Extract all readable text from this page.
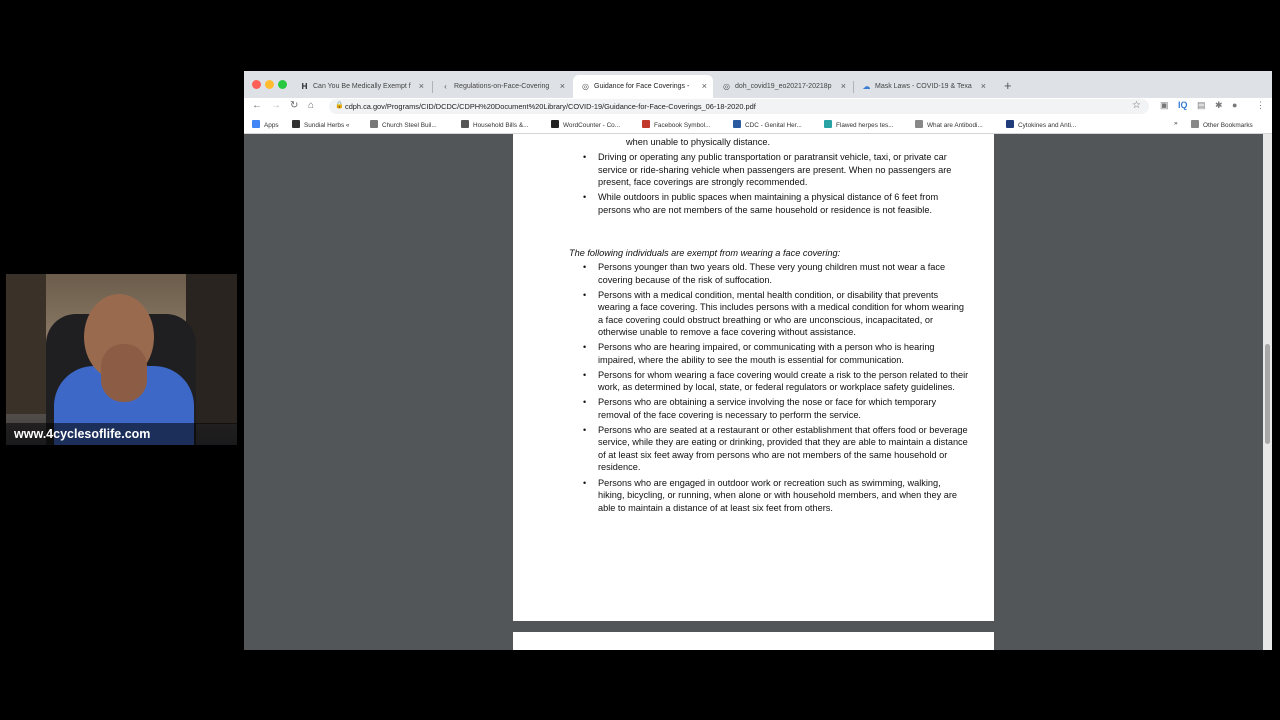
H Can You Be Medically Exempt f ×	‹	Regulations-on-Face-Covering	× ◎ Guidance for Face Coverings -	× ◎ doh_covid19_eo20217-20218p	× ☁ Mask Laws - COVID-19 & Texa × +
← → ↻ ⌂	🔒 cdph.ca.gov/Programs/CID/DCDC/CDPH%20Document%20Library/COVID-19/Guidance-for-Face-Coverings_06-18-2020.pdf	☆ ▣ IQ ▤ ✱ ● ⋮
Apps	Sundial Herbs «	Church Steel Buil...	Household Bills &...	WordCounter - Co...	Facebook Symbol...	CDC - Genital Her...	Flawed herpes tes...	What are Antibodi...	Cytokines and Anti...	»	Other Bookmarks
when unable to physically distance.
• Driving or operating any public transportation or paratransit vehicle, taxi, or private car service or ride-sharing vehicle when passengers are present. When no passengers are present, face coverings are strongly recommended.
• While outdoors in public spaces when maintaining a physical distance of 6 feet from persons who are not members of the same household or residence is not feasible.
The following individuals are exempt from wearing a face covering:
• Persons younger than two years old. These very young children must not wear a face covering because of the risk of suffocation.
• Persons with a medical condition, mental health condition, or disability that prevents wearing a face covering. This includes persons with a medical condition for whom wearing a face covering could obstruct breathing or who are unconscious, incapacitated, or otherwise unable to remove a face covering without assistance.
• Persons who are hearing impaired, or communicating with a person who is hearing impaired, where the ability to see the mouth is essential for communication.
• Persons for whom wearing a face covering would create a risk to the person related to their work, as determined by local, state, or federal regulators or workplace safety guidelines.
• Persons who are obtaining a service involving the nose or face for which temporary removal of the face covering is necessary to perform the service.
• Persons who are seated at a restaurant or other establishment that offers food or beverage service, while they are eating or drinking, provided that they are able to maintain a distance of at least six feet away from persons who are not members of the same household or residence.
• Persons who are engaged in outdoor work or recreation such as swimming, walking, hiking, bicycling, or running, when alone or with household members, and when they are able to maintain a distance of at least six feet from others.
www.4cyclesoflife.com
